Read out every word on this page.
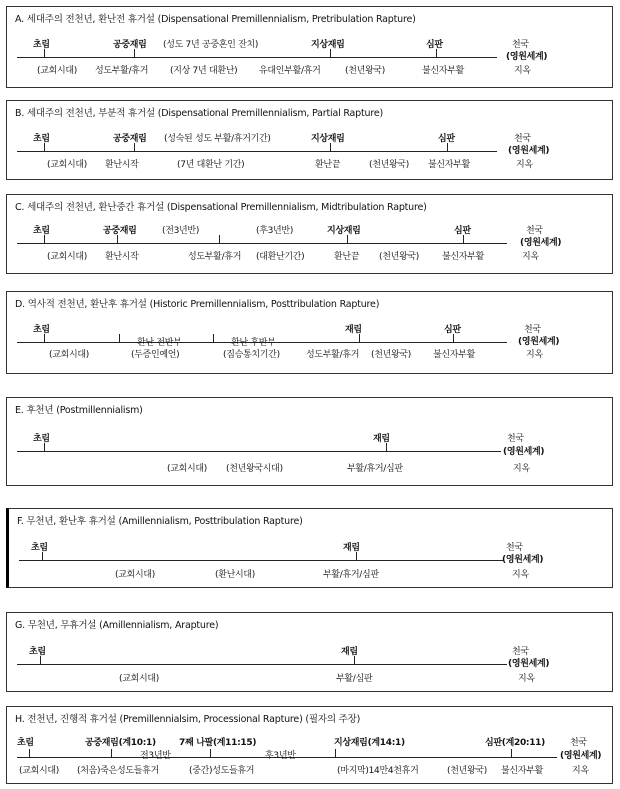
A. 세대주의 전천년, 환난전 휴거설 (Dispensational Premillennialism, Pretribulation Rapture)
초림	공중재림 (성도 7년 공중혼인 잔치)	지상재림	심판	천국
(영원세계)
(교회시대) 성도부활/휴거 (지상 7년 대환난) 유대인부활/휴거	(천년왕국)	불신자부활	지옥
B. 세대주의 전천년, 부분적 휴거설 (Dispensational Premillennialism, Partial Rapture)
초림	공중재림 (성숙된 성도 부활/휴거기간)	지상재림	심판	천국
(영원세계)
(교회시대) 환난시작	(7년 대환난 기간)	환난끝	(천년왕국) 불신자부활	지옥
C. 세대주의 전천년, 환난중간 휴거설 (Dispensational Premillennialism, Midtribulation Rapture)
초림	공중재림	(전3년반)	(후3년반)	지상재림	심판	천국
(영원세계)
(교회시대) 환난시작	성도부활/휴거 (대환난기간)	환난끝 (천년왕국)	불신자부활	지옥
D. 역사적 전천년, 환난후 휴거설 (Historic Premillennialism, Posttribulation Rapture)
초림	재림	심판	천국
(영원세계)
(교회시대)
환난 전반부
(두증인예언)
환난 후반부
(짐승통치기간)	성도부활/휴거 (천년왕국) 불신자부활	지옥
E. 후천년 (Postmillennialism)
초림	재림	천국
(영원세계)
(교회시대) (천년왕국시대)	부활/휴거/심판	지옥
F. 무천년, 환난후 휴거설 (Amillennialism, Posttribulation Rapture)
초림	재림	천국
(영원세계)
(교회시대)	(환난시대)	부활/휴거/심판	지옥
G. 무천년, 무휴거설 (Amillennialism, Arapture)
초림	재림	천국
(영원세계)
(교회시대)	부활/심판	지옥
H. 전천년, 진행적 휴거설 (Premillennialsim, Processional Rapture) (필자의 주장)
초림	공중재림(계10:1)	7째 나팔(계11:15)	지상재림(계14:1)	심판(계20:11)	천국
(영원세계)
전3년반	후3년반
(교회시대) (처음)죽은성도들휴거	(중간)성도들휴거	(마지막)14만4천휴거	(천년왕국) 불신자부활	지옥
